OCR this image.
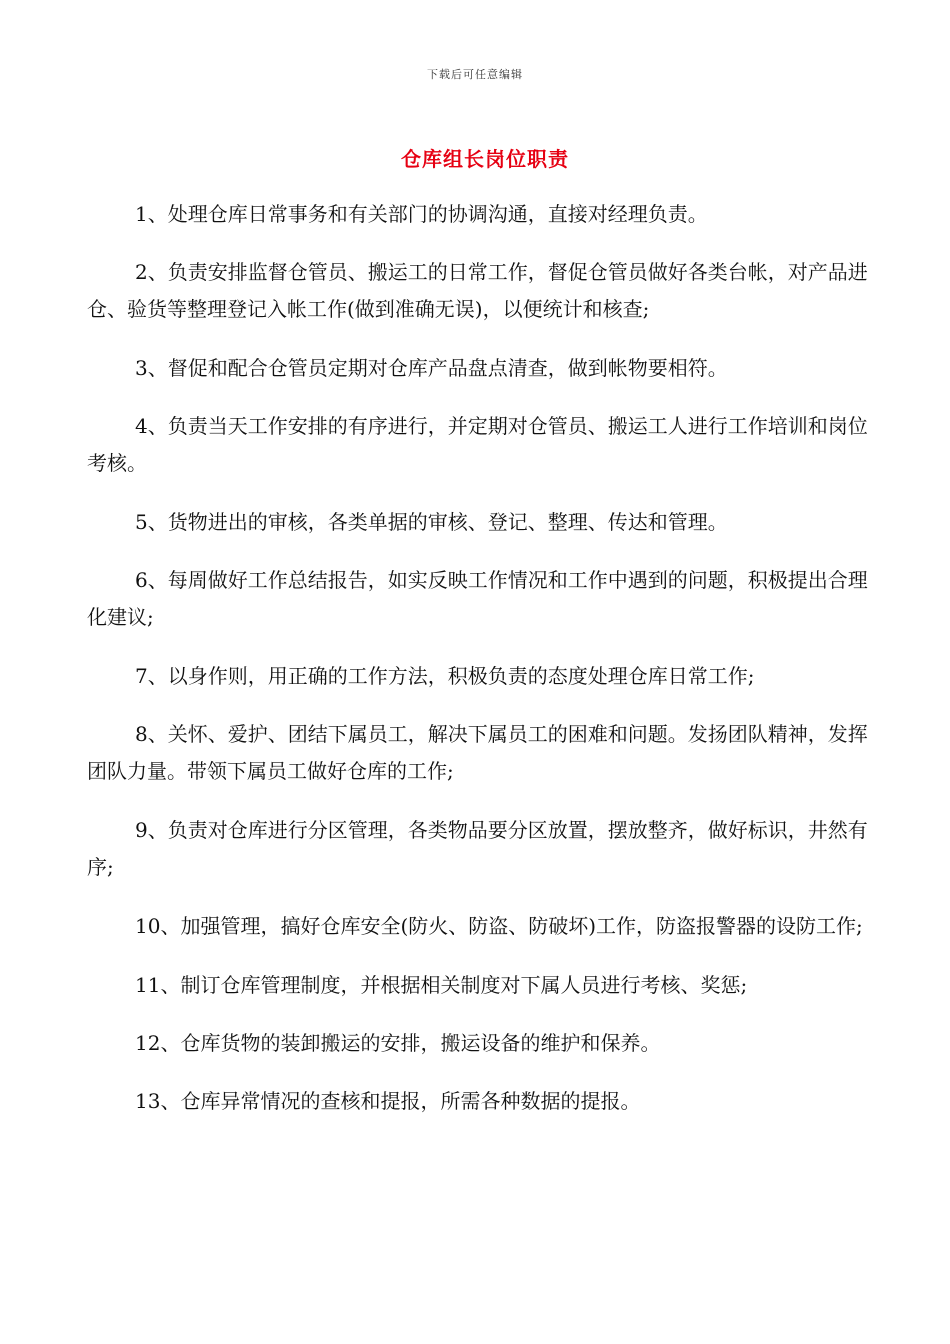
下载后可任意编辑
仓库组长岗位职责

1、处理仓库日常事务和有关部门的协调沟通，直接对经理负责。

2、负责安排监督仓管员、搬运工的日常工作，督促仓管员做好各类台帐，对产品进仓、验货等整理登记入帐工作(做到准确无误)，以便统计和核查;

3、督促和配合仓管员定期对仓库产品盘点清查，做到帐物要相符。

4、负责当天工作安排的有序进行，并定期对仓管员、搬运工人进行工作培训和岗位考核。

5、货物进出的审核，各类单据的审核、登记、整理、传达和管理。

6、每周做好工作总结报告，如实反映工作情况和工作中遇到的问题，积极提出合理化建议;

7、以身作则，用正确的工作方法，积极负责的态度处理仓库日常工作;

8、关怀、爱护、团结下属员工，解决下属员工的困难和问题。发扬团队精神，发挥团队力量。带领下属员工做好仓库的工作;

9、负责对仓库进行分区管理，各类物品要分区放置，摆放整齐，做好标识，井然有序;

10、加强管理，搞好仓库安全(防火、防盗、防破坏)工作，防盗报警器的设防工作;

11、制订仓库管理制度，并根据相关制度对下属人员进行考核、奖惩;

12、仓库货物的装卸搬运的安排，搬运设备的维护和保养。

13、仓库异常情况的查核和提报，所需各种数据的提报。
